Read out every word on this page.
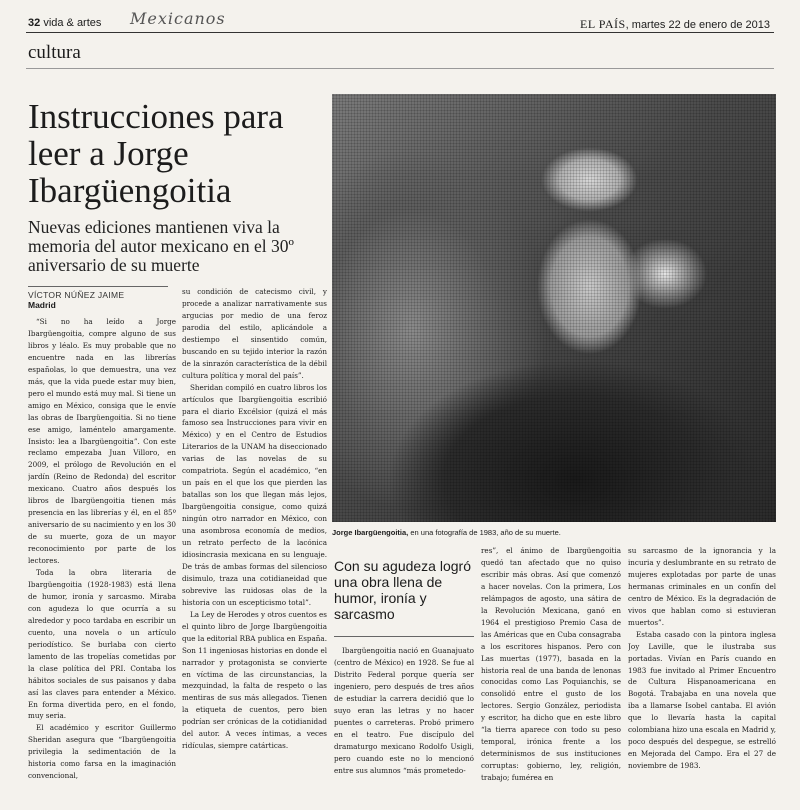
32 vida & artes Mexicanos	EL PAÍS, martes 22 de enero de 2013
cultura
Instrucciones para leer a Jorge Ibargüengoitia

Nuevas ediciones mantienen viva la memoria del autor mexicano en el 30º aniversario de su muerte

VÍCTOR NÚÑEZ JAIME
Madrid
Jorge Ibargüengoitia, en una fotografía de 1983, año de su muerte.

“Si no ha leído a Jorge Ibargüengoitia, compre alguno de sus libros y léalo. Es muy probable que no encuentre nada en las librerías españolas, lo que demuestra, una vez más, que la vida puede estar muy bien, pero el mundo está muy mal. Si tiene un amigo en México, consiga que le envíe las obras de Ibargüengoitia. Si no tiene ese amigo, laméntelo amargamente. Insisto: lea a Ibargüengoitia”. Con este reclamo empezaba Juan Villoro, en 2009, el prólogo de Revolución en el jardín (Reino de Redonda) del escritor mexicano. Cuatro años después los libros de Ibargüengoitia tienen más presencia en las librerías y él, en el 85º aniversario de su nacimiento y en los 30 de su muerte, goza de un mayor reconocimiento por parte de los lectores.

Toda la obra literaria de Ibargüengoitia (1928-1983) está llena de humor, ironía y sarcasmo. Miraba con agudeza lo que ocurría a su alrededor y poco tardaba en escribir un cuento, una novela o un artículo periodístico. Se burlaba con cierto lamento de las tropelías cometidas por la clase política del PRI. Contaba los hábitos sociales de sus paisanos y daba así las claves para entender a México. En forma divertida pero, en el fondo, muy seria.

El académico y escritor Guillermo Sheridan asegura que “Ibargüengoitia privilegia la sedimentación de la historia como farsa en la imaginación convencional,

su condición de catecismo civil, y procede a analizar narrativamente sus argucias por medio de una feroz parodia del estilo, aplicándole a destiempo el sinsentido común, buscando en su tejido interior la razón de la sinrazón característica de la débil cultura política y moral del país”.

Sheridan compiló en cuatro libros los artículos que Ibargüengoitia escribió para el diario Excélsior (quizá el más famoso sea Instrucciones para vivir en México) y en el Centro de Estudios Literarios de la UNAM ha diseccionado varias de las novelas de su compatriota. Según el académico, “en un país en el que los que pierden las batallas son los que llegan más lejos, Ibargüengoitia consigue, como quizá ningún otro narrador en México, con una asombrosa economía de medios, un retrato perfecto de la lacónica idiosincrasia mexicana en su lenguaje. De trás de ambas formas del silencioso disimulo, traza una cotidianeidad que sobrevive las ruidosas olas de la historia con un escepticismo total”.

La Ley de Herodes y otros cuentos es el quinto libro de Jorge Ibargüengoitia que la editorial RBA publica en España. Son 11 ingeniosas historias en donde el narrador y protagonista se convierte en víctima de las circunstancias, la mezquindad, la falta de respeto o las mentiras de sus más allegados. Tienen la etiqueta de cuentos, pero bien podrían ser crónicas de la cotidianidad del autor. A veces íntimas, a veces ridículas, siempre catárticas.

Con su agudeza logró una obra llena de humor, ironía y sarcasmo

Ibargüengoitia nació en Guanajuato (centro de México) en 1928. Se fue al Distrito Federal porque quería ser ingeniero, pero después de tres años de estudiar la carrera decidió que lo suyo eran las letras y no hacer puentes o carreteras. Probó primero en el teatro. Fue discípulo del dramaturgo mexicano Rodolfo Usigli, pero cuando este no lo mencionó entre sus alumnos “más prometedo-

res”, el ánimo de Ibargüengoitia quedó tan afectado que no quiso escribir más obras. Así que comenzó a hacer novelas. Con la primera, Los relámpagos de agosto, una sátira de la Revolución Mexicana, ganó en 1964 el prestigioso Premio Casa de las Américas que en Cuba consagraba a los escritores hispanos. Pero con Las muertas (1977), basada en la historia real de una banda de lenonas conocidas como Las Poquianchis, se consolidó entre el gusto de los lectores. Sergio González, periodista y escritor, ha dicho que en este libro “la tierra aparece con todo su peso temporal, irónica frente a los determinismos de sus instituciones corruptas: gobierno, ley, religión, trabajo; fumérea en

su sarcasmo de la ignorancia y la incuria y deslumbrante en su retrato de mujeres explotadas por parte de unas hermanas criminales en un confín del centro de México. Es la degradación de vivos que hablan como si estuvieran muertos”.

Estaba casado con la pintora inglesa Joy Laville, que le ilustraba sus portadas. Vivían en París cuando en 1983 fue invitado al Primer Encuentro de Cultura Hispanoamericana en Bogotá. Trabajaba en una novela que iba a llamarse Isobel cantaba. El avión que lo llevaría hasta la capital colombiana hizo una escala en Madrid y, poco después del despegue, se estrelló en Mejorada del Campo. Era el 27 de noviembre de 1983.
